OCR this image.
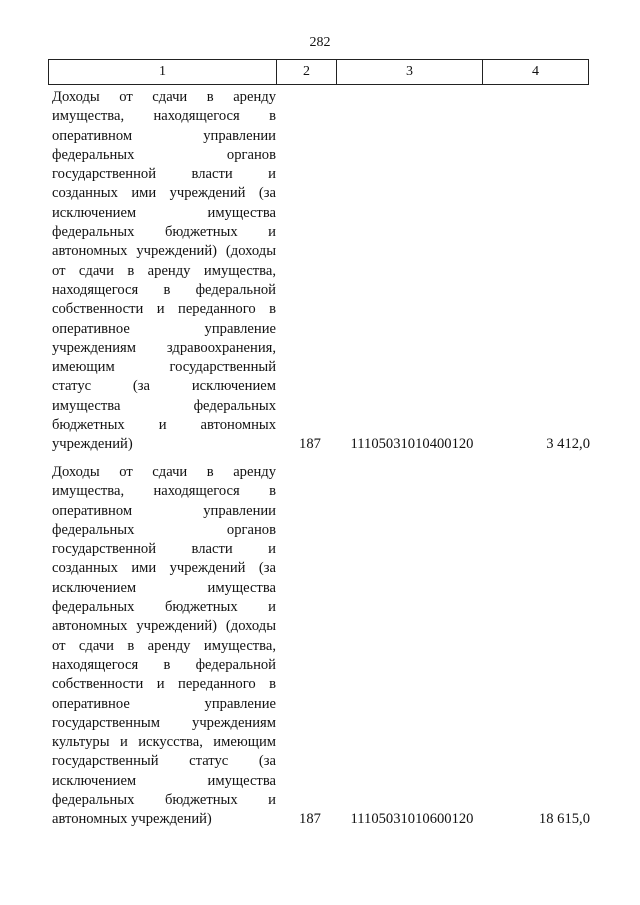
282
1	2	3	4
Доходы от сдачи в аренду
имущества, находящегося в
оперативном управлении
федеральных органов
государственной власти и
созданных ими учреждений (за
исключением имущества
федеральных бюджетных и
автономных учреждений) (доходы
от сдачи в аренду имущества,
находящегося в федеральной
собственности и переданного в
оперативное управление
учреждениям здравоохранения,
имеющим государственный
статус (за исключением
имущества федеральных
бюджетных и автономных
учреждений)	187	11105031010400120	3 412,0
Доходы от сдачи в аренду
имущества, находящегося в
оперативном управлении
федеральных органов
государственной власти и
созданных ими учреждений (за
исключением имущества
федеральных бюджетных и
автономных учреждений) (доходы
от сдачи в аренду имущества,
находящегося в федеральной
собственности и переданного в
оперативное управление
государственным учреждениям
культуры и искусства, имеющим
государственный статус (за
исключением имущества
федеральных бюджетных и
автономных учреждений)	187	11105031010600120	18 615,0
